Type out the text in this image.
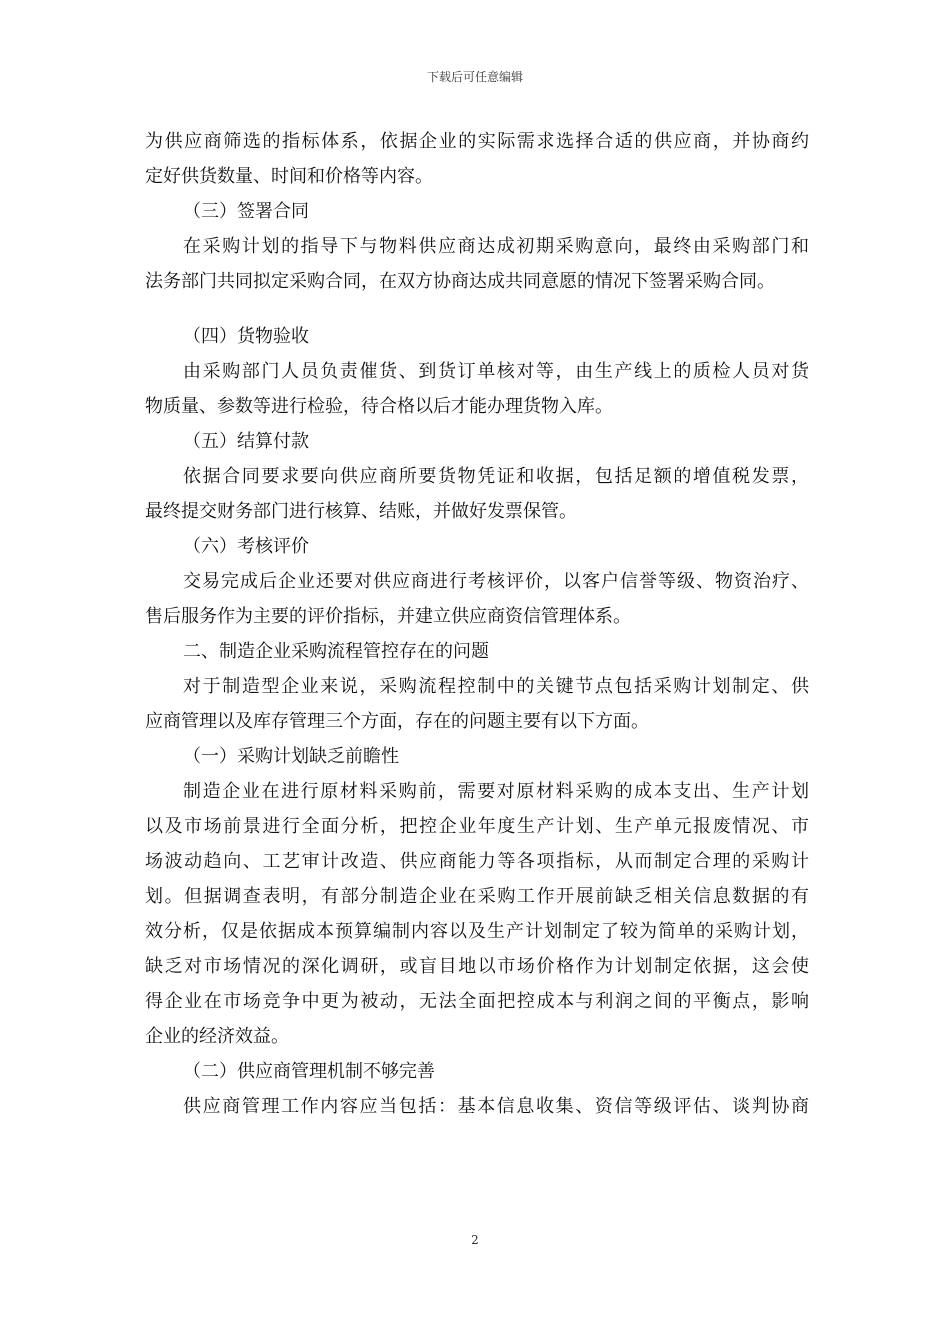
下载后可任意编辑
为供应商筛选的指标体系，依据企业的实际需求选择合适的供应商，并协商约
定好供货数量、时间和价格等内容。
（三）签署合同
在采购计划的指导下与物料供应商达成初期采购意向，最终由采购部门和
法务部门共同拟定采购合同，在双方协商达成共同意愿的情况下签署采购合同。
（四）货物验收
由采购部门人员负责催货、到货订单核对等，由生产线上的质检人员对货
物质量、参数等进行检验，待合格以后才能办理货物入库。
（五）结算付款
依据合同要求要向供应商所要货物凭证和收据，包括足额的增值税发票，
最终提交财务部门进行核算、结账，并做好发票保管。
（六）考核评价
交易完成后企业还要对供应商进行考核评价，以客户信誉等级、物资治疗、
售后服务作为主要的评价指标，并建立供应商资信管理体系。
二、制造企业采购流程管控存在的问题
对于制造型企业来说，采购流程控制中的关键节点包括采购计划制定、供
应商管理以及库存管理三个方面，存在的问题主要有以下方面。
（一）采购计划缺乏前瞻性
制造企业在进行原材料采购前，需要对原材料采购的成本支出、生产计划
以及市场前景进行全面分析，把控企业年度生产计划、生产单元报废情况、市
场波动趋向、工艺审计改造、供应商能力等各项指标，从而制定合理的采购计
划。但据调查表明，有部分制造企业在采购工作开展前缺乏相关信息数据的有
效分析，仅是依据成本预算编制内容以及生产计划制定了较为简单的采购计划，
缺乏对市场情况的深化调研，或盲目地以市场价格作为计划制定依据，这会使
得企业在市场竞争中更为被动，无法全面把控成本与利润之间的平衡点，影响
企业的经济效益。
（二）供应商管理机制不够完善
供应商管理工作内容应当包括：基本信息收集、资信等级评估、谈判协商
2
